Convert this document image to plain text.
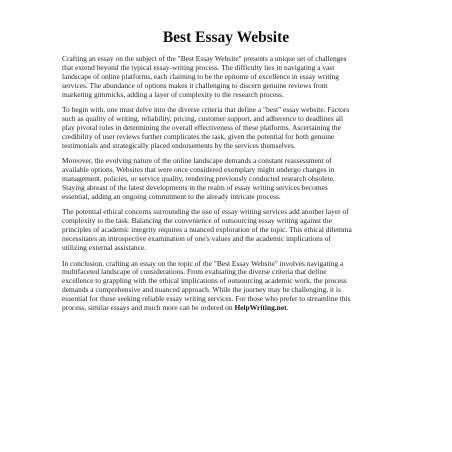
Best Essay Website
Crafting an essay on the subject of the "Best Essay Website" presents a unique set of challenges
that extend beyond the typical essay-writing process. The difficulty lies in navigating a vast
landscape of online platforms, each claiming to be the epitome of excellence in essay writing
services. The abundance of options makes it challenging to discern genuine reviews from
marketing gimmicks, adding a layer of complexity to the research process.
To begin with, one must delve into the diverse criteria that define a "best" essay website. Factors
such as quality of writing, reliability, pricing, customer support, and adherence to deadlines all
play pivotal roles in determining the overall effectiveness of these platforms. Ascertaining the
credibility of user reviews further complicates the task, given the potential for both genuine
testimonials and strategically placed endorsements by the services themselves.
Moreover, the evolving nature of the online landscape demands a constant reassessment of
available options. Websites that were once considered exemplary might undergo changes in
management, policies, or service quality, rendering previously conducted research obsolete.
Staying abreast of the latest developments in the realm of essay writing services becomes
essential, adding an ongoing commitment to the already intricate process.
The potential ethical concerns surrounding the use of essay writing services add another layer of
complexity to the task. Balancing the convenience of outsourcing essay writing against the
principles of academic integrity requires a nuanced exploration of the topic. This ethical dilemma
necessitates an introspective examination of one's values and the academic implications of
utilizing external assistance.
In conclusion, crafting an essay on the topic of the "Best Essay Website" involves navigating a
multifaceted landscape of considerations. From evaluating the diverse criteria that define
excellence to grappling with the ethical implications of outsourcing academic work, the process
demands a comprehensive and nuanced approach. While the journey may be challenging, it is
essential for those seeking reliable essay writing services. For those who prefer to streamline this
process, similar essays and much more can be ordered on HelpWriting.net.
